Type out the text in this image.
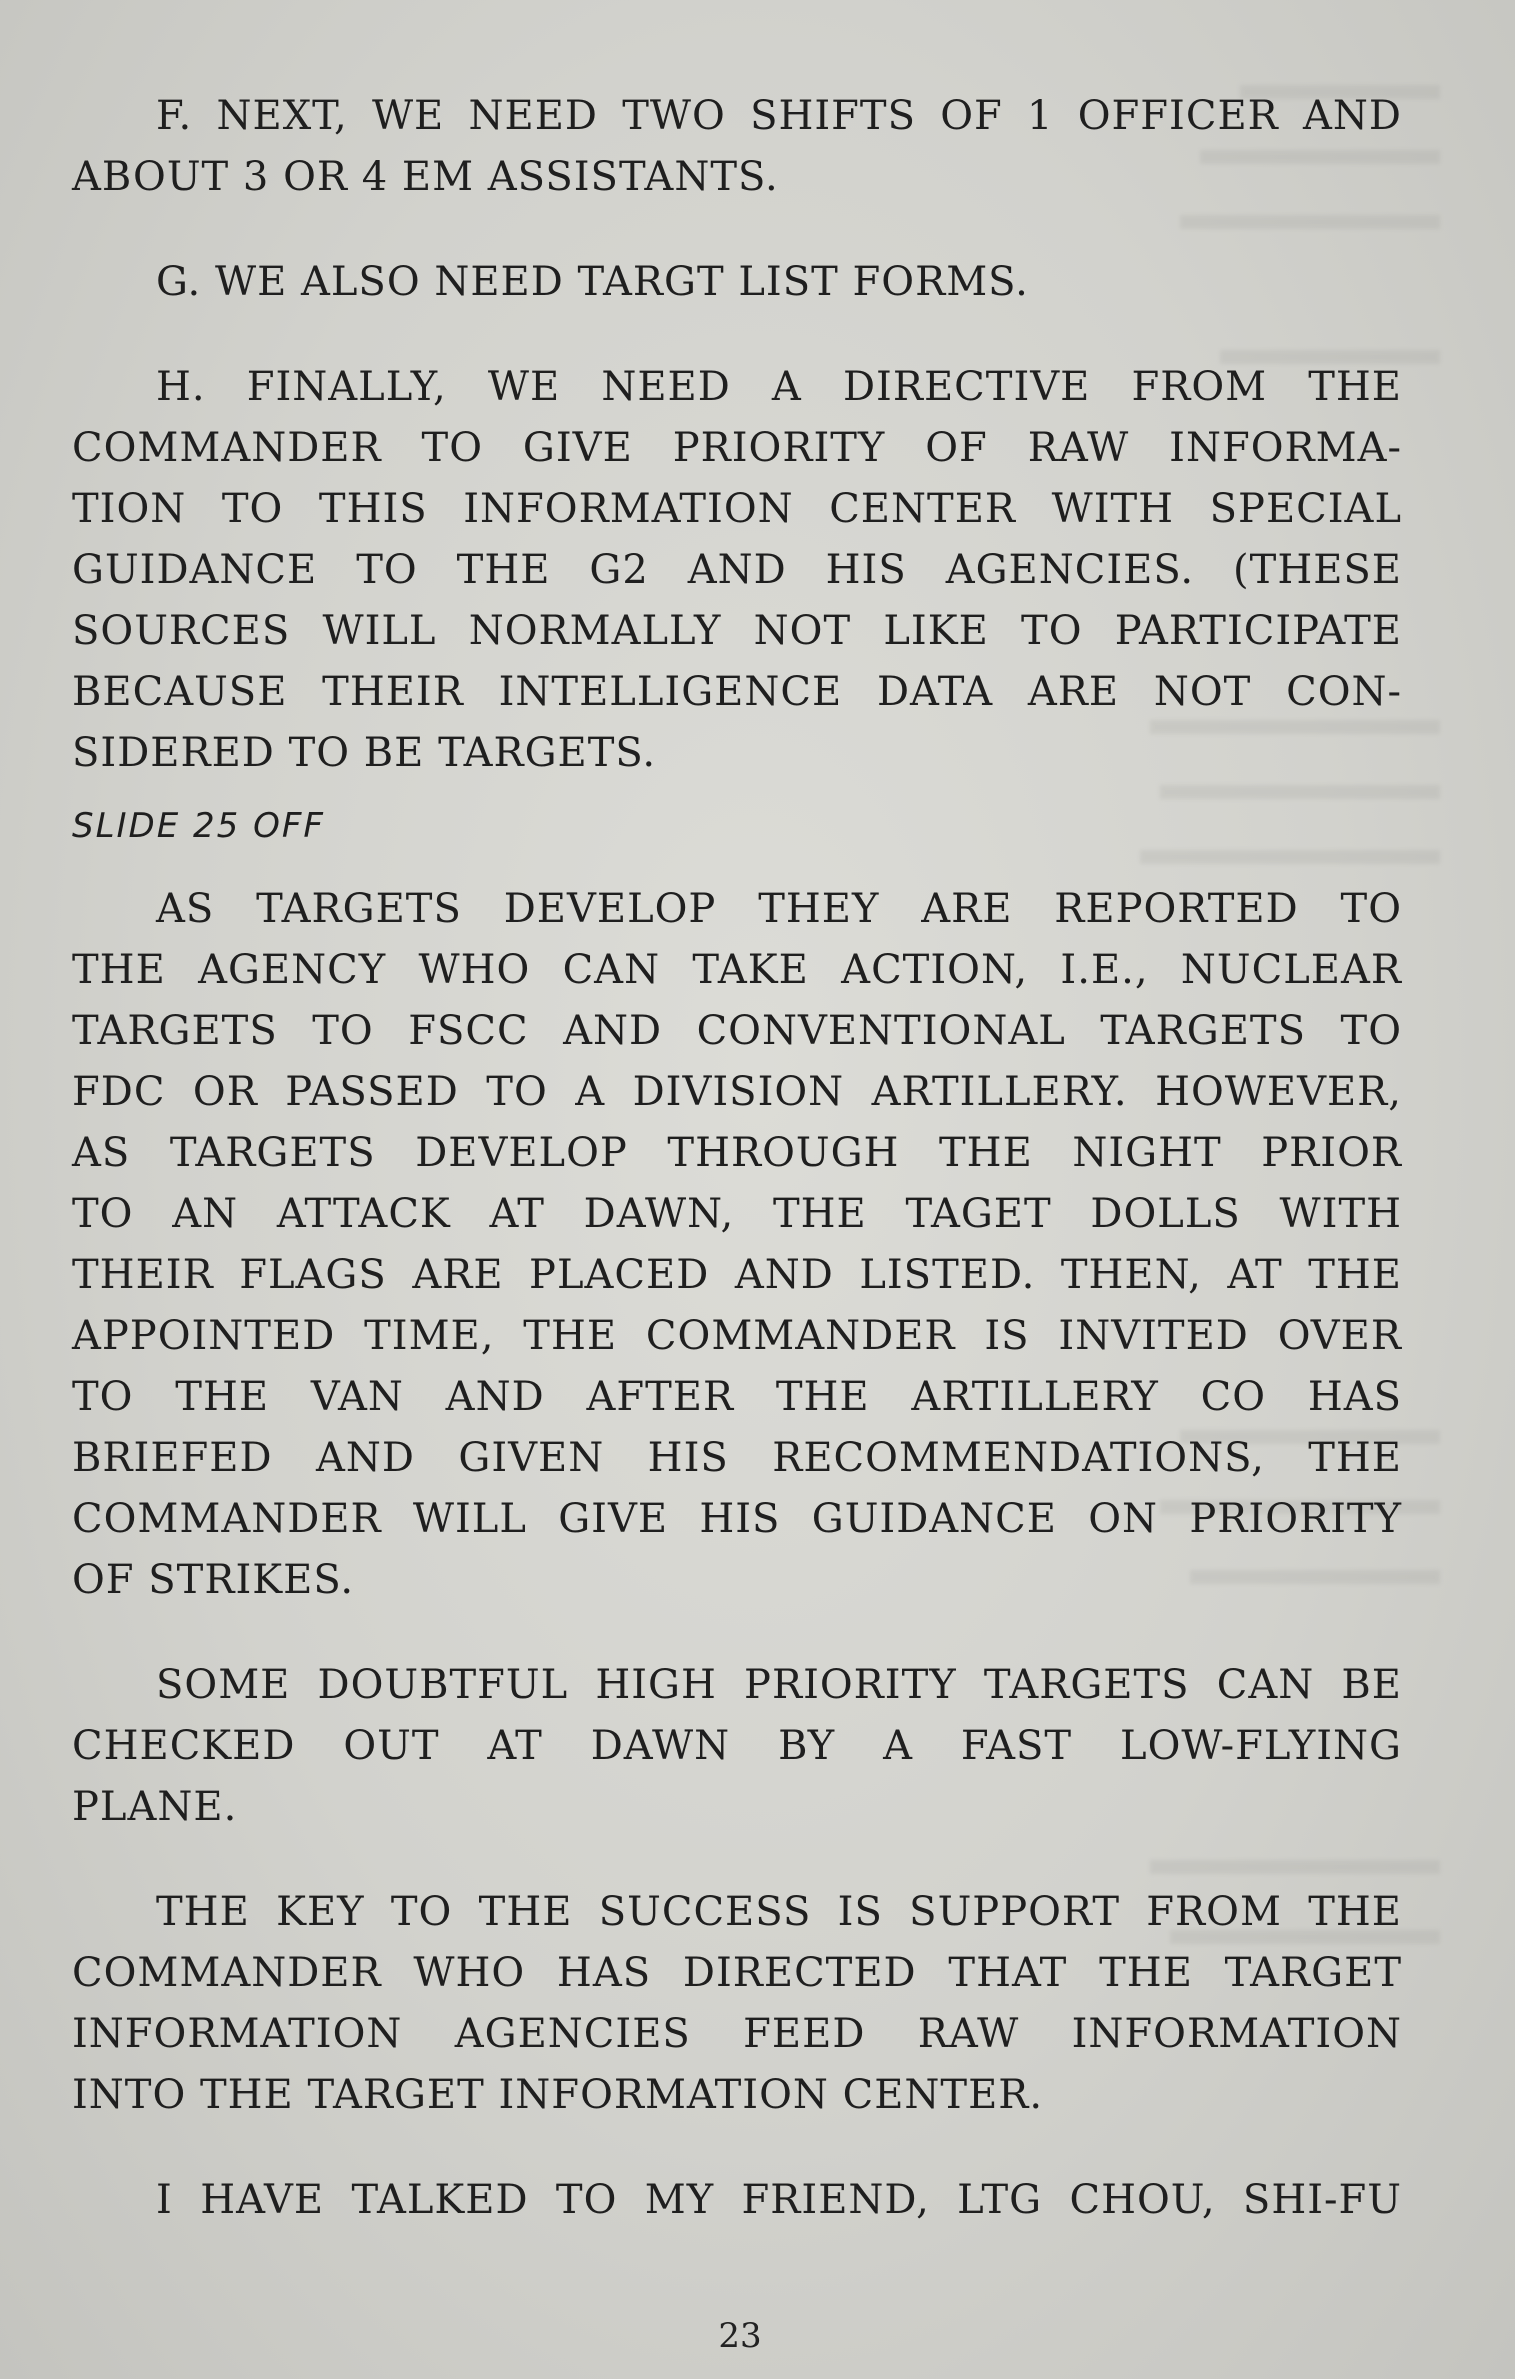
F. NEXT, WE NEED TWO SHIFTS OF 1 OFFICER AND
ABOUT 3 OR 4 EM ASSISTANTS.
G. WE ALSO NEED TARGT LIST FORMS.
H. FINALLY, WE NEED A DIRECTIVE FROM THE
COMMANDER TO GIVE PRIORITY OF RAW INFORMA-
TION TO THIS INFORMATION CENTER WITH SPECIAL
GUIDANCE TO THE G2 AND HIS AGENCIES. (THESE
SOURCES WILL NORMALLY NOT LIKE TO PARTICIPATE
BECAUSE THEIR INTELLIGENCE DATA ARE NOT CON-
SIDERED TO BE TARGETS.
SLIDE 25 OFF
AS TARGETS DEVELOP THEY ARE REPORTED TO
THE AGENCY WHO CAN TAKE ACTION, I.E., NUCLEAR
TARGETS TO FSCC AND CONVENTIONAL TARGETS TO
FDC OR PASSED TO A DIVISION ARTILLERY. HOWEVER,
AS TARGETS DEVELOP THROUGH THE NIGHT PRIOR
TO AN ATTACK AT DAWN, THE TAGET DOLLS WITH
THEIR FLAGS ARE PLACED AND LISTED. THEN, AT THE
APPOINTED TIME, THE COMMANDER IS INVITED OVER
TO THE VAN AND AFTER THE ARTILLERY CO HAS
BRIEFED AND GIVEN HIS RECOMMENDATIONS, THE
COMMANDER WILL GIVE HIS GUIDANCE ON PRIORITY
OF STRIKES.
SOME DOUBTFUL HIGH PRIORITY TARGETS CAN BE
CHECKED OUT AT DAWN BY A FAST LOW-FLYING
PLANE.
THE KEY TO THE SUCCESS IS SUPPORT FROM THE
COMMANDER WHO HAS DIRECTED THAT THE TARGET
INFORMATION AGENCIES FEED RAW INFORMATION
INTO THE TARGET INFORMATION CENTER.
I HAVE TALKED TO MY FRIEND, LTG CHOU, SHI-FU
23
